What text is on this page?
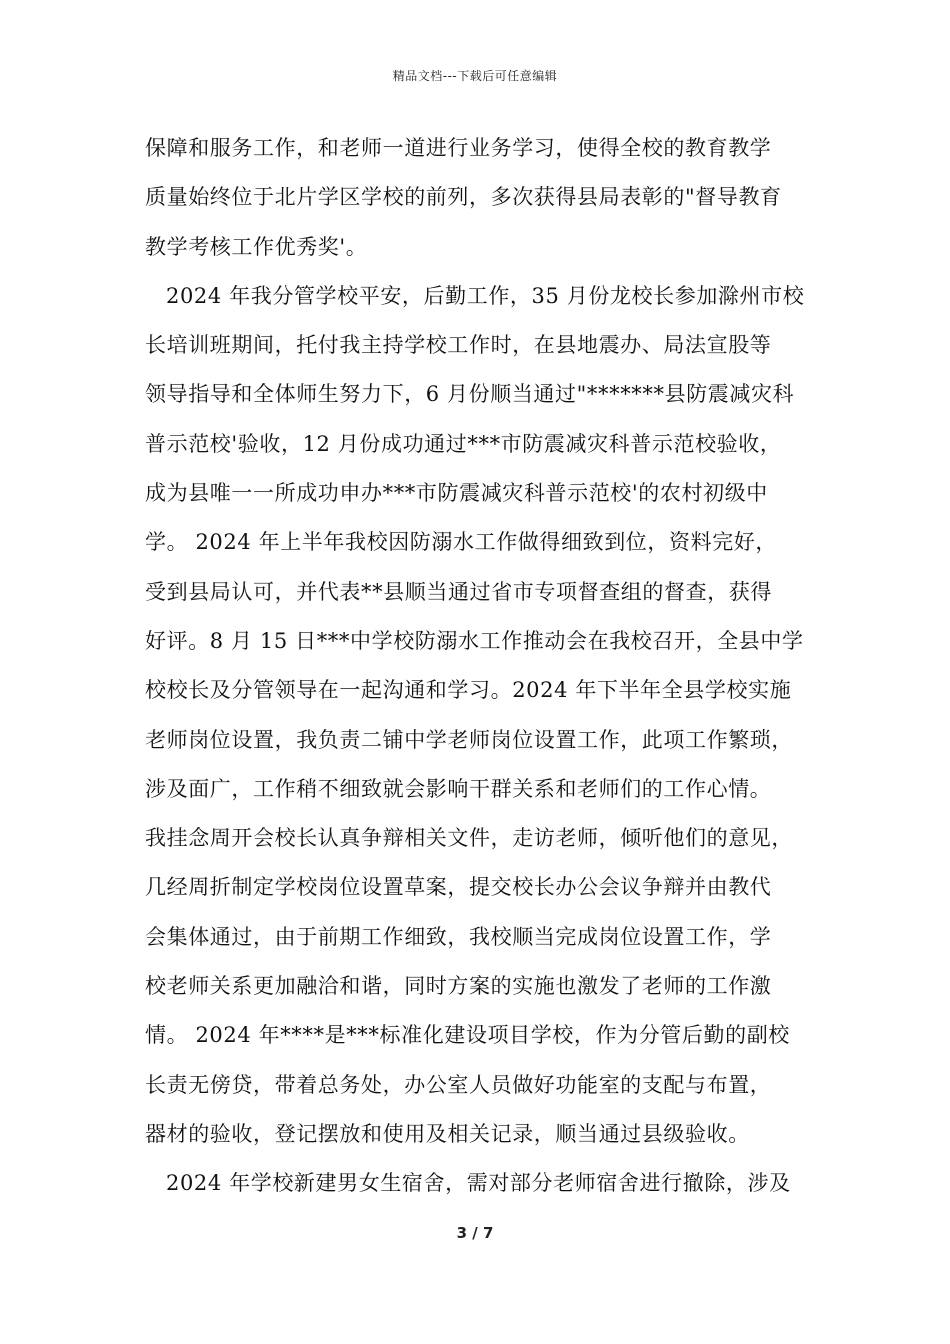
精品文档---下载后可任意编辑
保障和服务工作，和老师一道进行业务学习，使得全校的教育教学
质量始终位于北片学区学校的前列，多次获得县局表彰的"督导教育
教学考核工作优秀奖'。
2024 年我分管学校平安，后勤工作，35 月份龙校长参加滁州市校
长培训班期间，托付我主持学校工作时，在县地震办、局法宣股等
领导指导和全体师生努力下，6 月份顺当通过"*******县防震减灾科
普示范校'验收，12 月份成功通过***市防震减灾科普示范校验收，
成为县唯一一所成功申办***市防震减灾科普示范校'的农村初级中
学。 2024 年上半年我校因防溺水工作做得细致到位，资料完好，
受到县局认可，并代表**县顺当通过省市专项督查组的督查，获得
好评。8 月 15 日***中学校防溺水工作推动会在我校召开，全县中学
校校长及分管领导在一起沟通和学习。2024 年下半年全县学校实施
老师岗位设置，我负责二铺中学老师岗位设置工作，此项工作繁琐，
涉及面广，工作稍不细致就会影响干群关系和老师们的工作心情。
我挂念周开会校长认真争辩相关文件，走访老师，倾听他们的意见，
几经周折制定学校岗位设置草案，提交校长办公会议争辩并由教代
会集体通过，由于前期工作细致，我校顺当完成岗位设置工作，学
校老师关系更加融洽和谐，同时方案的实施也激发了老师的工作激
情。 2024 年****是***标准化建设项目学校，作为分管后勤的副校
长责无傍贷，带着总务处，办公室人员做好功能室的支配与布置，
器材的验收，登记摆放和使用及相关记录，顺当通过县级验收。
2024 年学校新建男女生宿舍，需对部分老师宿舍进行撤除，涉及
3 / 7
